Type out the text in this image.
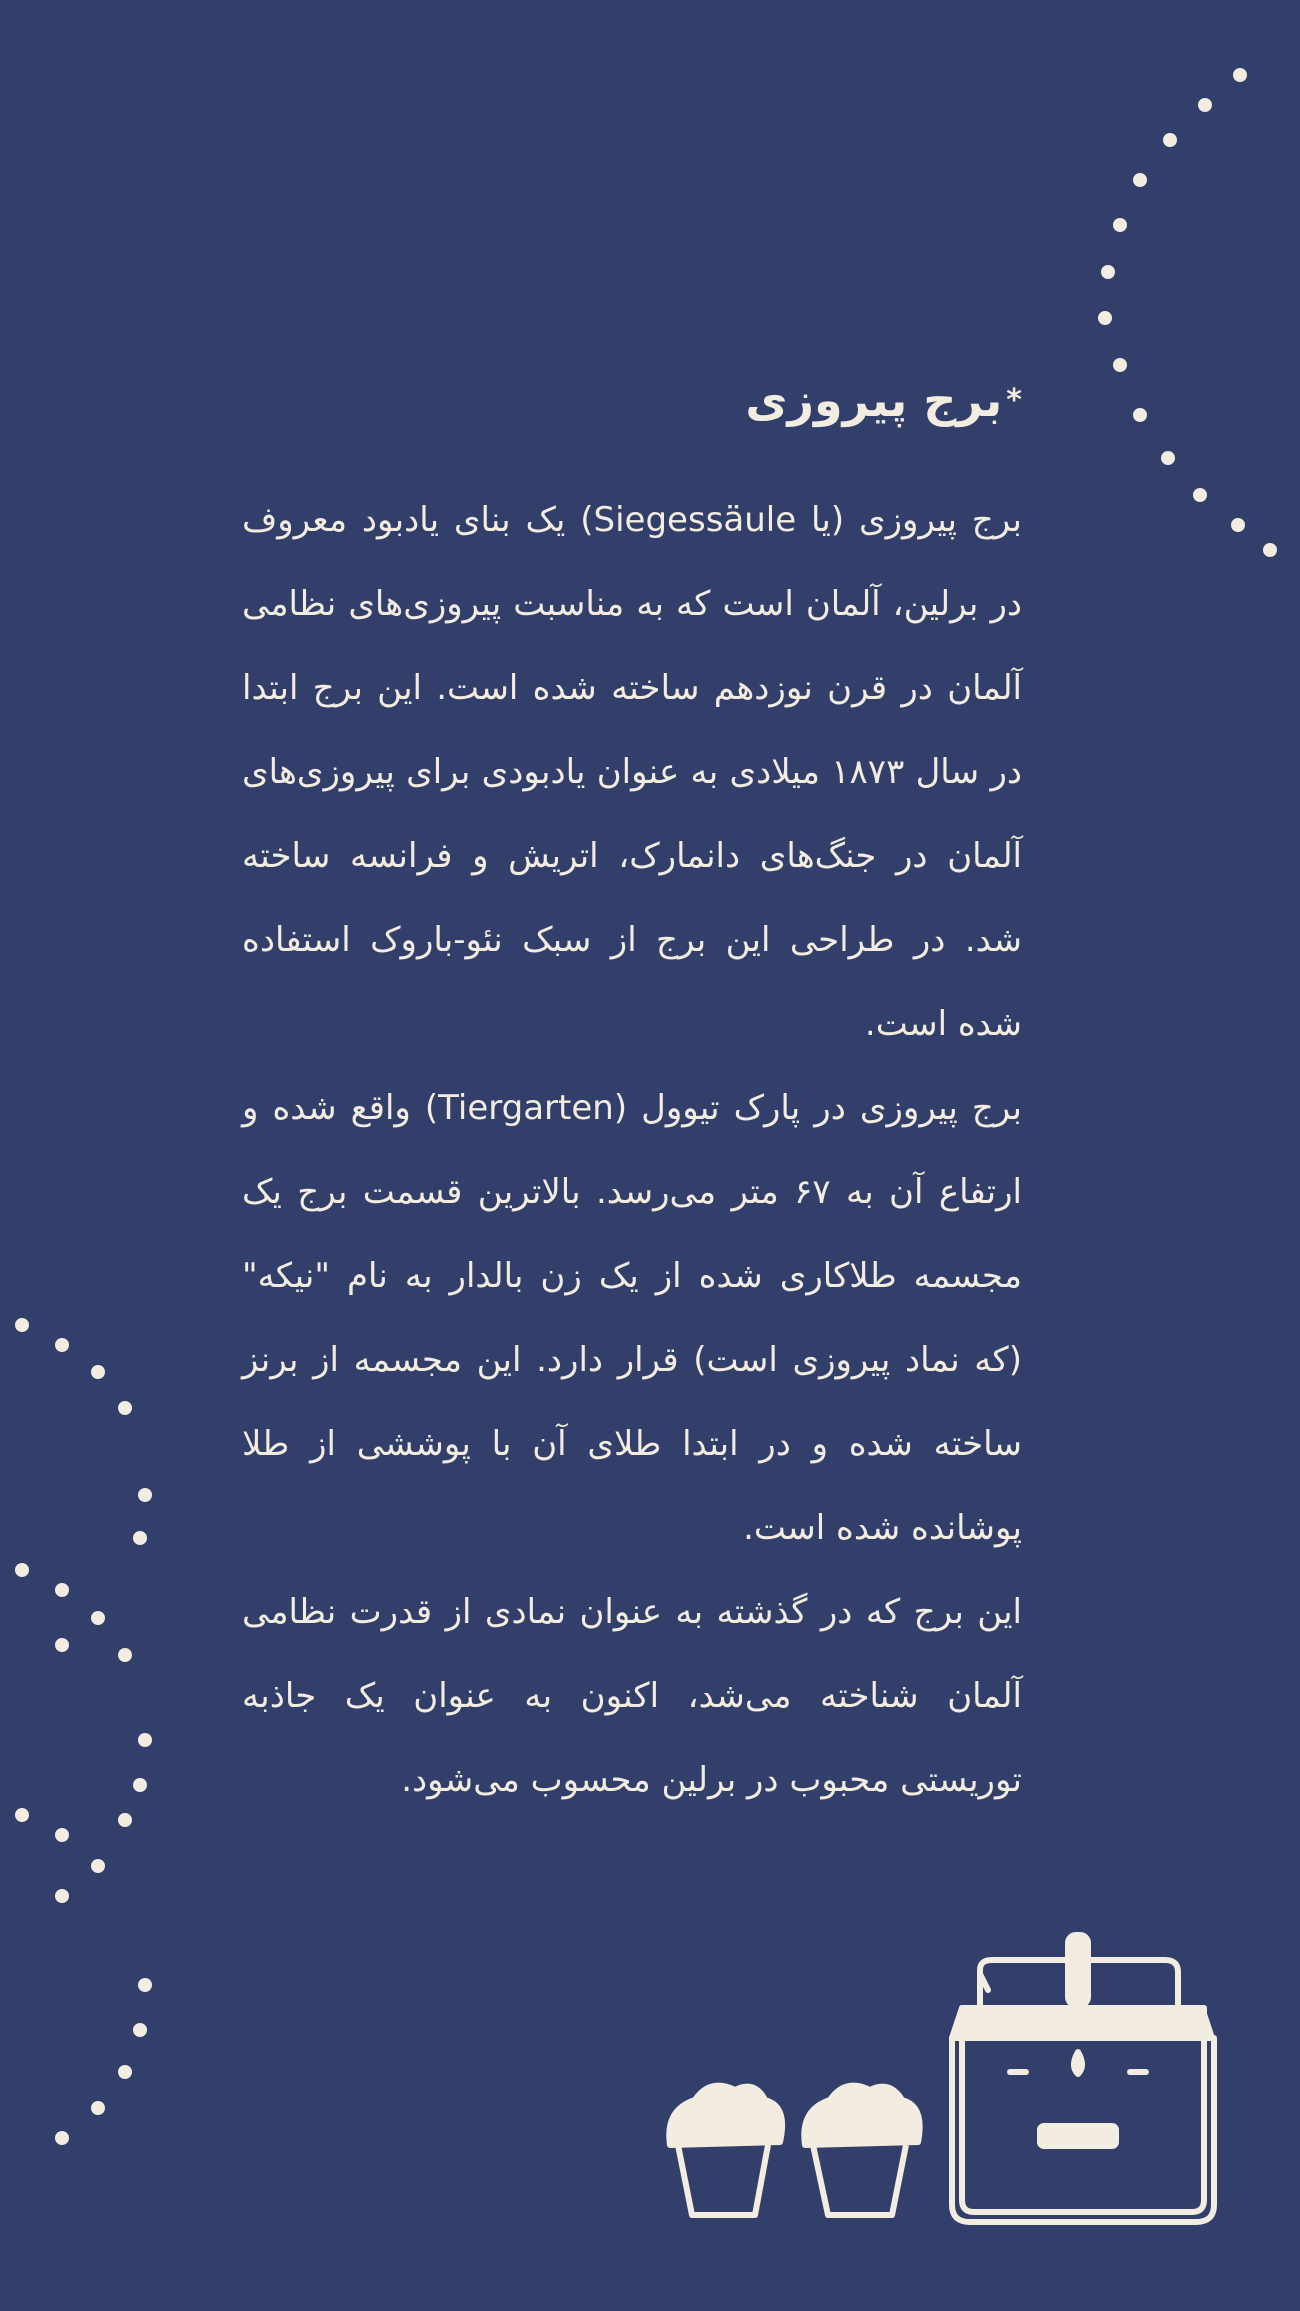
*برج پیروزی

برج پیروزی (یا Siegessäule) یک بنای یادبود معروف در برلین، آلمان است که به مناسبت پیروزی‌های نظامی آلمان در قرن نوزدهم ساخته شده است. این برج ابتدا در سال ۱۸۷۳ میلادی به عنوان یادبودی برای پیروزی‌های آلمان در جنگ‌های دانمارک، اتریش و فرانسه ساخته شد. در طراحی این برج از سبک نئو-باروک استفاده شده است.

برج پیروزی در پارک تیوول (Tiergarten) واقع شده و ارتفاع آن به ۶۷ متر می‌رسد. بالاترین قسمت برج یک مجسمه طلاکاری شده از یک زن بالدار به نام "نیکه" (که نماد پیروزی است) قرار دارد. این مجسمه از برنز ساخته شده و در ابتدا طلای آن با پوششی از طلا پوشانده شده است.

این برج که در گذشته به عنوان نمادی از قدرت نظامی آلمان شناخته می‌شد، اکنون به عنوان یک جاذبه توریستی محبوب در برلین محسوب می‌شود.
